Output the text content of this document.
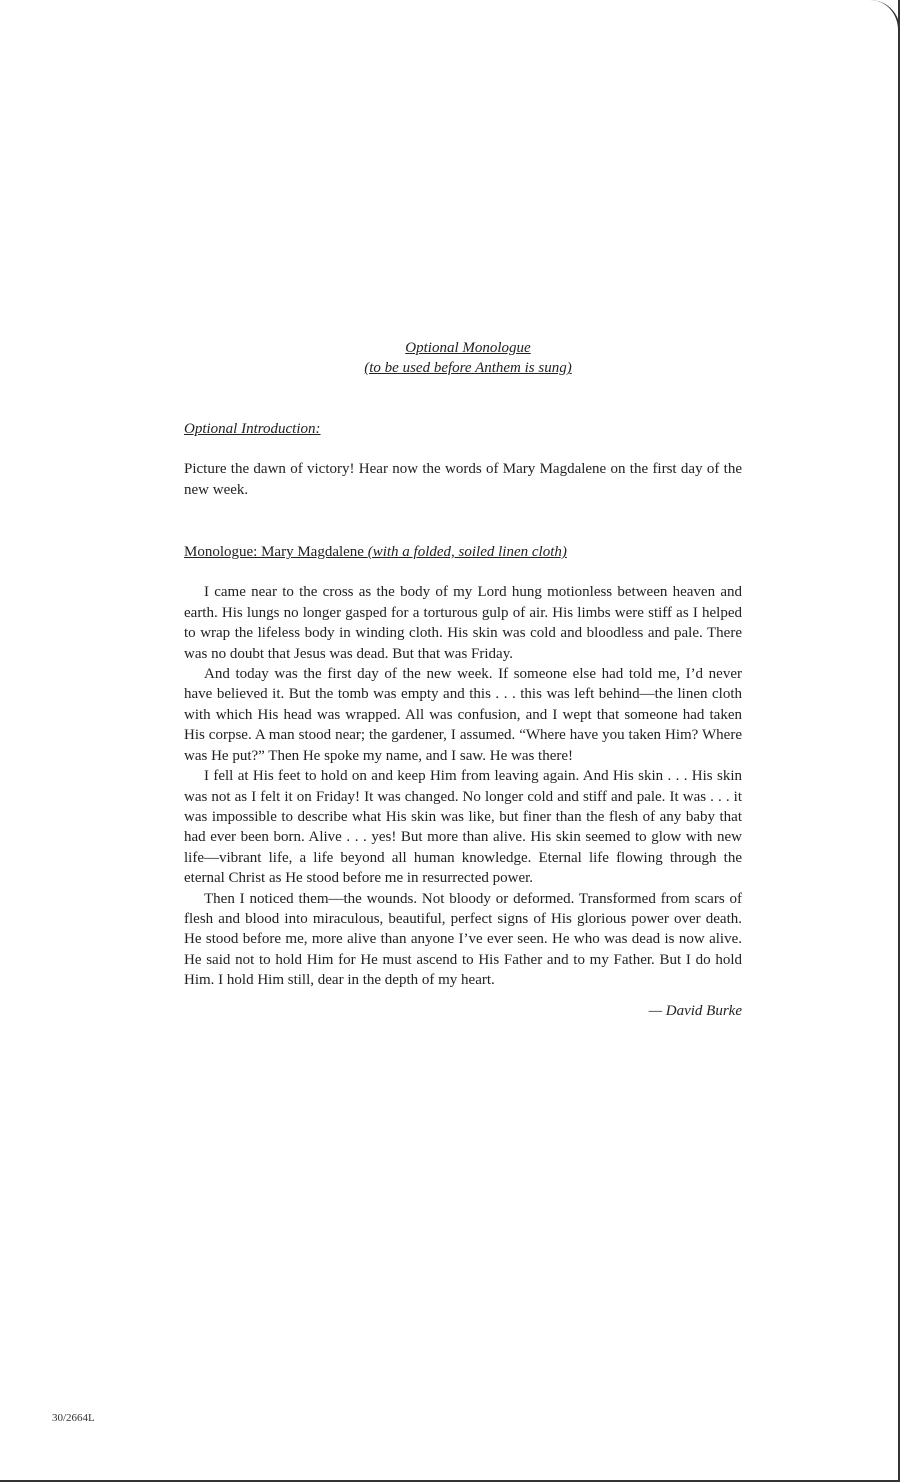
Optional Monologue
(to be used before Anthem is sung)
Optional Introduction:
Picture the dawn of victory! Hear now the words of Mary Magdalene on the first day of the new week.
Monologue: Mary Magdalene (with a folded, soiled linen cloth)

I came near to the cross as the body of my Lord hung motionless between heaven and earth. His lungs no longer gasped for a torturous gulp of air. His limbs were stiff as I helped to wrap the lifeless body in winding cloth. His skin was cold and bloodless and pale. There was no doubt that Jesus was dead. But that was Friday.

And today was the first day of the new week. If someone else had told me, I’d never have believed it. But the tomb was empty and this . . . this was left behind—the linen cloth with which His head was wrapped. All was confusion, and I wept that someone had taken His corpse. A man stood near; the gardener, I assumed. “Where have you taken Him? Where was He put?” Then He spoke my name, and I saw. He was there!

I fell at His feet to hold on and keep Him from leaving again. And His skin . . . His skin was not as I felt it on Friday! It was changed. No longer cold and stiff and pale. It was . . . it was impossible to describe what His skin was like, but finer than the flesh of any baby that had ever been born. Alive . . . yes! But more than alive. His skin seemed to glow with new life—vibrant life, a life beyond all human knowledge. Eternal life flowing through the eternal Christ as He stood before me in resurrected power.

Then I noticed them—the wounds. Not bloody or deformed. Transformed from scars of flesh and blood into miraculous, beautiful, perfect signs of His glorious power over death. He stood before me, more alive than anyone I’ve ever seen. He who was dead is now alive. He said not to hold Him for He must ascend to His Father and to my Father. But I do hold Him. I hold Him still, dear in the depth of my heart.

— David Burke
30/2664L
